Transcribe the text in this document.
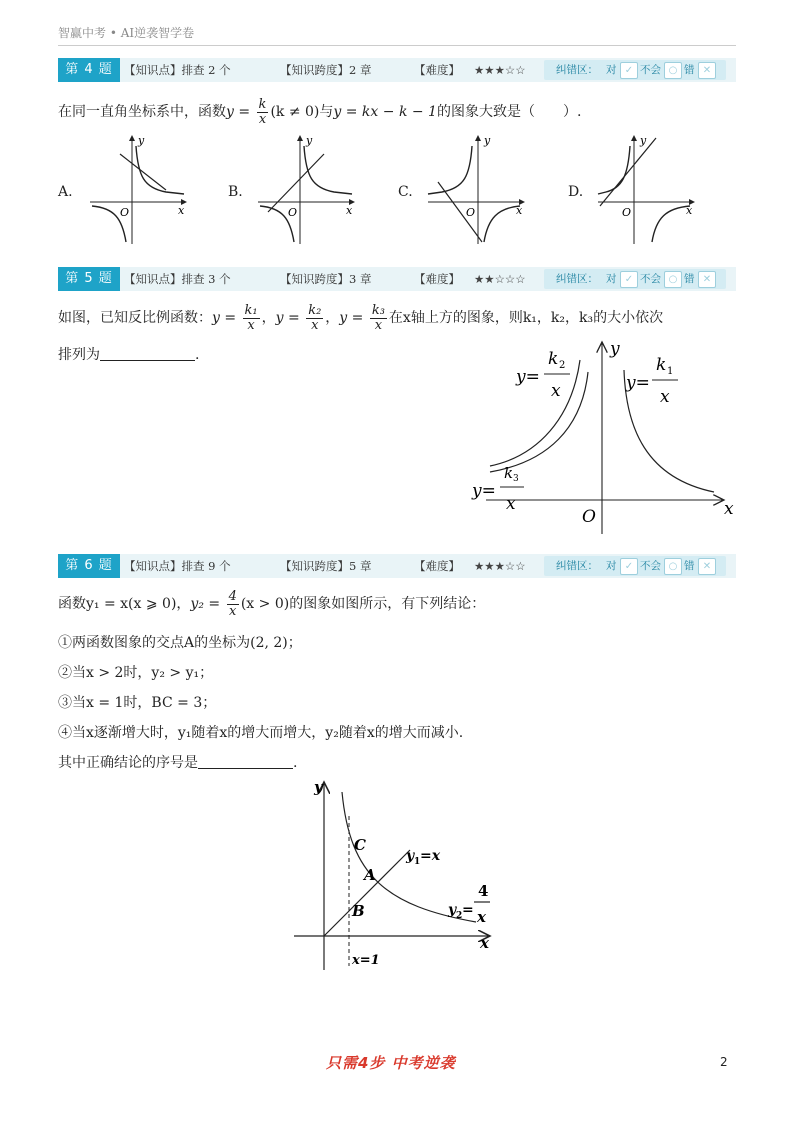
智赢中考 • AI逆袭智学卷
第 4 题 【知识点】排查 2 个	【知识跨度】2 章	【难度】 ★★★☆☆	纠错区： 对 ✓ 不会 ○ 错 ✕
在同一直角坐标系中，函数$y = \frac{k}{x} (k \ne 0)$与y = kx − k − 1的图象大致是（　　）.
A.	B.	C.	D.
y
x
O
y
x
O
y
x
O
y
x
O
第 5 题 【知识点】排查 3 个	【知识跨度】3 章	【难度】 ★★☆☆☆	纠错区： 对 ✓ 不会 ○ 错 ✕
如图，已知反比例函数：$y = \frac{\text{k₁}}{x}$ ，$y = \frac{\text{k₂}}{x}$ ，$y = \frac{\text{k₃}}{x}$ 在x轴上方的图象，则k₁，k₂，k₃的大小依次
排列为	.	y
x
O
y=
k 2
x	y=
k 1
x
y=
k 3
x
第 6 题 【知识点】排查 9 个	【知识跨度】5 章	【难度】 ★★★☆☆	纠错区： 对 ✓ 不会 ○ 错 ✕
函数y₁ = x(x ⩾ 0)，$y_2 = \frac{4}{x} (x > 0)$的图象如图所示，有下列结论：
①两函数图象的交点A的坐标为(2, 2)；
②当x > 2时，y₂ > y₁；
③当x = 1时，BC = 3；
④当x逐渐增大时，y₁随着x的增大而增大，y₂随着x的增大而减小.
其中正确结论的序号是	.
y
x
C
A
B
y 1 =x
y 2 =
4
x
x=1
只需4步 中考逆袭	2
